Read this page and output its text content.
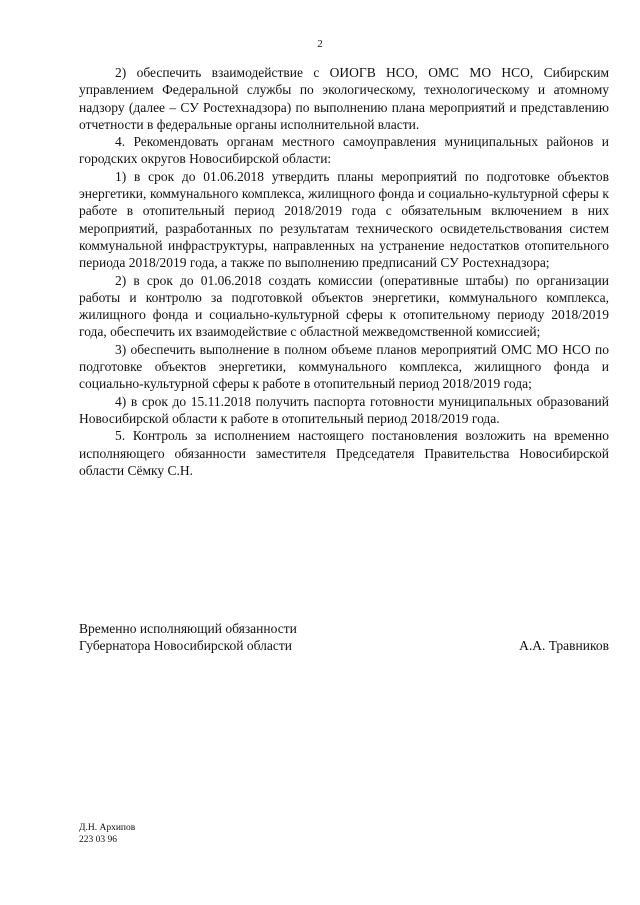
2

2) обеспечить взаимодействие с ОИОГВ НСО, ОМС МО НСО, Сибирским управлением Федеральной службы по экологическому, технологическому и атомному надзору (далее – СУ Ростехнадзора) по выполнению плана мероприятий и представлению отчетности в федеральные органы исполнительной власти.

4. Рекомендовать органам местного самоуправления муниципальных районов и городских округов Новосибирской области:

1) в срок до 01.06.2018 утвердить планы мероприятий по подготовке объектов энергетики, коммунального комплекса, жилищного фонда и социально-культурной сферы к работе в отопительный период 2018/2019 года с обязательным включением в них мероприятий, разработанных по результатам технического освидетельствования систем коммунальной инфраструктуры, направленных на устранение недостатков отопительного периода 2018/2019 года, а также по выполнению предписаний СУ Ростехнадзора;

2) в срок до 01.06.2018 создать комиссии (оперативные штабы) по организации работы и контролю за подготовкой объектов энергетики, коммунального комплекса, жилищного фонда и социально-культурной сферы к отопительному периоду 2018/2019 года, обеспечить их взаимодействие с областной межведомственной комиссией;

3) обеспечить выполнение в полном объеме планов мероприятий ОМС МО НСО по подготовке объектов энергетики, коммунального комплекса, жилищного фонда и социально-культурной сферы к работе в отопительный период 2018/2019 года;

4) в срок до 15.11.2018 получить паспорта готовности муниципальных образований Новосибирской области к работе в отопительный период 2018/2019 года.

5. Контроль за исполнением настоящего постановления возложить на временно исполняющего обязанности заместителя Председателя Правительства Новосибирской области Сёмку С.Н.

Временно исполняющий обязанности
Губернатора Новосибирской области	А.А. Травников
Д.Н. Архипов
223 03 96
